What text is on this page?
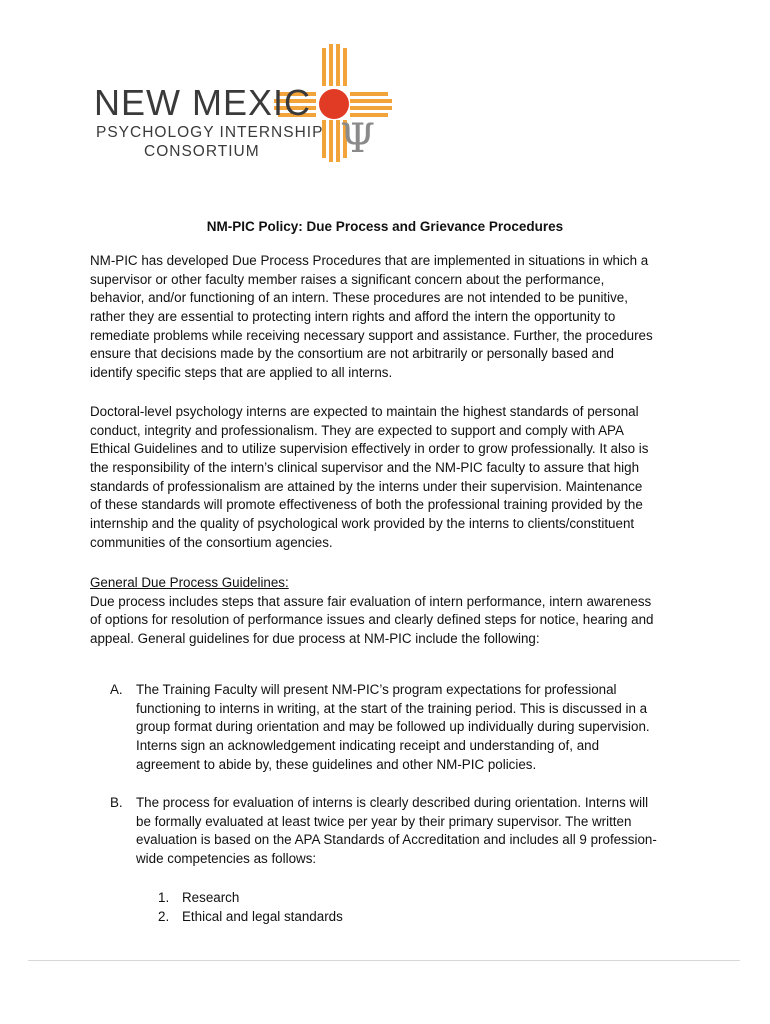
NEW MEXIC
PSYCHOLOGY INTERNSHIP
CONSORTIUM Ψ
NM-PIC Policy: Due Process and Grievance Procedures
NM-PIC has developed Due Process Procedures that are implemented in situations in which a
supervisor or other faculty member raises a significant concern about the performance,
behavior, and/or functioning of an intern. These procedures are not intended to be punitive,
rather they are essential to protecting intern rights and afford the intern the opportunity to
remediate problems while receiving necessary support and assistance. Further, the procedures
ensure that decisions made by the consortium are not arbitrarily or personally based and
identify specific steps that are applied to all interns.
Doctoral-level psychology interns are expected to maintain the highest standards of personal
conduct, integrity and professionalism. They are expected to support and comply with APA
Ethical Guidelines and to utilize supervision effectively in order to grow professionally. It also is
the responsibility of the intern’s clinical supervisor and the NM-PIC faculty to assure that high
standards of professionalism are attained by the interns under their supervision. Maintenance
of these standards will promote effectiveness of both the professional training provided by the
internship and the quality of psychological work provided by the interns to clients/constituent
communities of the consortium agencies.
General Due Process Guidelines:
Due process includes steps that assure fair evaluation of intern performance, intern awareness
of options for resolution of performance issues and clearly defined steps for notice, hearing and
appeal. General guidelines for due process at NM-PIC include the following:
A. The Training Faculty will present NM-PIC’s program expectations for professional
functioning to interns in writing, at the start of the training period. This is discussed in a
group format during orientation and may be followed up individually during supervision.
Interns sign an acknowledgement indicating receipt and understanding of, and
agreement to abide by, these guidelines and other NM-PIC policies.
B. The process for evaluation of interns is clearly described during orientation. Interns will
be formally evaluated at least twice per year by their primary supervisor. The written
evaluation is based on the APA Standards of Accreditation and includes all 9 profession-
wide competencies as follows:
1. Research
2. Ethical and legal standards
